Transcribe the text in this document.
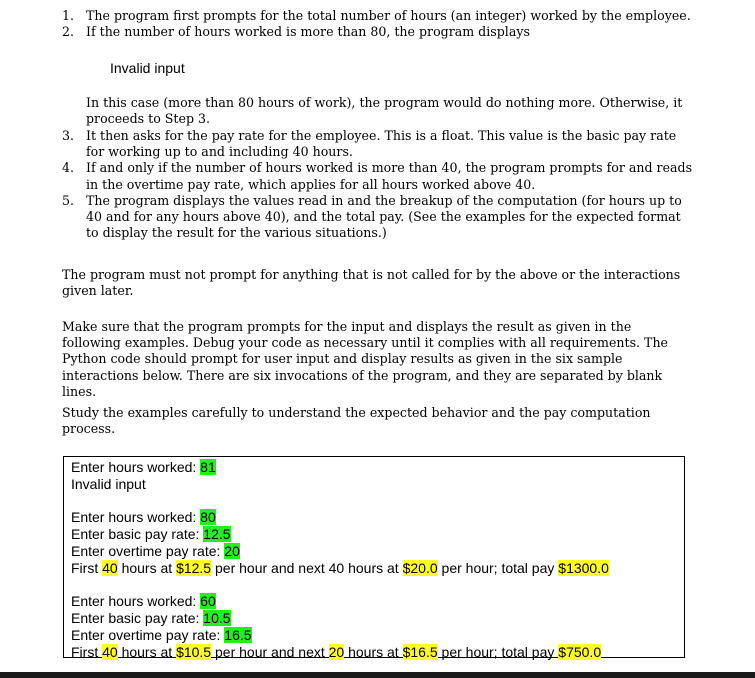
1. The program first prompts for the total number of hours (an integer) worked by the employee.
2. If the number of hours worked is more than 80, the program displays
Invalid input
In this case (more than 80 hours of work), the program would do nothing more. Otherwise, it proceeds to Step 3.
3. It then asks for the pay rate for the employee. This is a float. This value is the basic pay rate for working up to and including 40 hours.
4. If and only if the number of hours worked is more than 40, the program prompts for and reads in the overtime pay rate, which applies for all hours worked above 40.
5. The program displays the values read in and the breakup of the computation (for hours up to 40 and for any hours above 40), and the total pay. (See the examples for the expected format to display the result for the various situations.)
The program must not prompt for anything that is not called for by the above or the interactions given later.
Make sure that the program prompts for the input and displays the result as given in the following examples. Debug your code as necessary until it complies with all requirements. The Python code should prompt for user input and display results as given in the six sample interactions below. There are six invocations of the program, and they are separated by blank lines.
Study the examples carefully to understand the expected behavior and the pay computation process.
Enter hours worked: 81
Invalid input
Enter hours worked: 80
Enter basic pay rate: 12.5
Enter overtime pay rate: 20
First 40 hours at $12.5 per hour and next 40 hours at $20.0 per hour; total pay $1300.0
Enter hours worked: 60
Enter basic pay rate: 10.5
Enter overtime pay rate: 16.5
First 40 hours at $10.5 per hour and next 20 hours at $16.5 per hour; total pay $750.0
